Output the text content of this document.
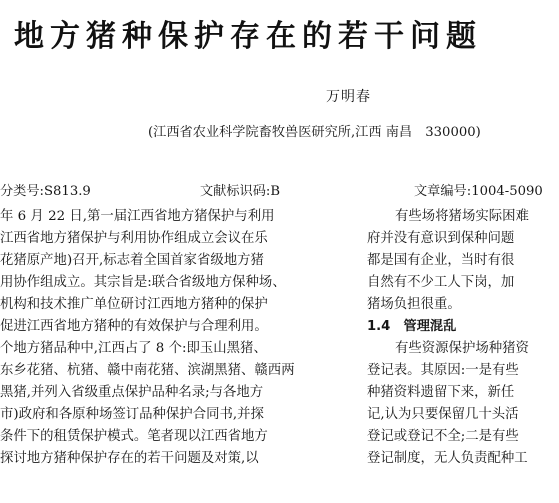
地方猪种保护存在的若干问题
万明春
(江西省农业科学院畜牧兽医研究所,江西 南昌　330000)
分类号:S813.9	文献标识码:B	文章编号:1004-5090
年 6 月 22 日,第一届江西省地方猪保护与利用
江西省地方猪保护与利用协作组成立会议在乐
花猪原产地)召开,标志着全国首家省级地方猪
用协作组成立。其宗旨是:联合省级地方保种场、
机构和技术推广单位研讨江西地方猪种的保护
促进江西省地方猪种的有效保护与合理利用。
个地方猪品种中,江西占了 8 个:即玉山黑猪、
东乡花猪、杭猪、赣中南花猪、滨湖黑猪、赣西两
黑猪,并列入省级重点保护品种名录;与各地方
市)政府和各原种场签订品种保护合同书,并探
条件下的租赁保护模式。笔者现以江西省地方
探讨地方猪种保护存在的若干问题及对策,以
有些场将猪场实际困难
府并没有意识到保种问题
都是国有企业，当时有很
自然有不少工人下岗，加
猪场负担很重。
1.4　管理混乱
有些资源保护场种猪资
登记表。其原因:一是有些
种猪资料遗留下来，新任
记,认为只要保留几十头活
登记或登记不全;二是有些
登记制度，无人负责配种工
